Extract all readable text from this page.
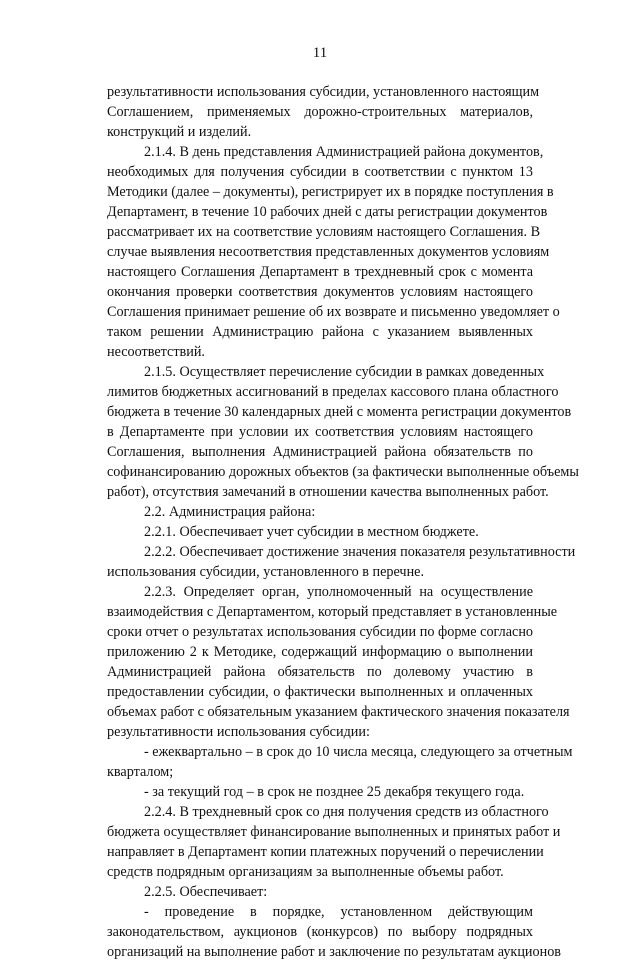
11
результативности использования субсидии, установленного настоящим
Соглашением, применяемых дорожно-строительных материалов,
конструкций и изделий.
2.1.4. В день представления Администрацией района документов,
необходимых для получения субсидии в соответствии с пунктом 13
Методики (далее – документы), регистрирует их в порядке поступления в
Департамент, в течение 10 рабочих дней с даты регистрации документов
рассматривает их на соответствие условиям настоящего Соглашения. В
случае выявления несоответствия представленных документов условиям
настоящего Соглашения Департамент в трехдневный срок с момента
окончания проверки соответствия документов условиям настоящего
Соглашения принимает решение об их возврате и письменно уведомляет о
таком решении Администрацию района с указанием выявленных
несоответствий.
2.1.5. Осуществляет перечисление субсидии в рамках доведенных
лимитов бюджетных ассигнований в пределах кассового плана областного
бюджета в течение 30 календарных дней с момента регистрации документов
в Департаменте при условии их соответствия условиям настоящего
Соглашения, выполнения Администрацией района обязательств по
софинансированию дорожных объектов (за фактически выполненные объемы
работ), отсутствия замечаний в отношении качества выполненных работ.
2.2. Администрация района:
2.2.1. Обеспечивает учет субсидии в местном бюджете.
2.2.2. Обеспечивает достижение значения показателя результативности
использования субсидии, установленного в перечне.
2.2.3. Определяет орган, уполномоченный на осуществление
взаимодействия с Департаментом, который представляет в установленные
сроки отчет о результатах использования субсидии по форме согласно
приложению 2 к Методике, содержащий информацию о выполнении
Администрацией района обязательств по долевому участию в
предоставлении субсидии, о фактически выполненных и оплаченных
объемах работ с обязательным указанием фактического значения показателя
результативности использования субсидии:
- ежеквартально – в срок до 10 числа месяца, следующего за отчетным
кварталом;
- за текущий год – в срок не позднее 25 декабря текущего года.
2.2.4. В трехдневный срок со дня получения средств из областного
бюджета осуществляет финансирование выполненных и принятых работ и
направляет в Департамент копии платежных поручений о перечислении
средств подрядным организациям за выполненные объемы работ.
2.2.5. Обеспечивает:
- проведение в порядке, установленном действующим
законодательством, аукционов (конкурсов) по выбору подрядных
организаций на выполнение работ и заключение по результатам аукционов
